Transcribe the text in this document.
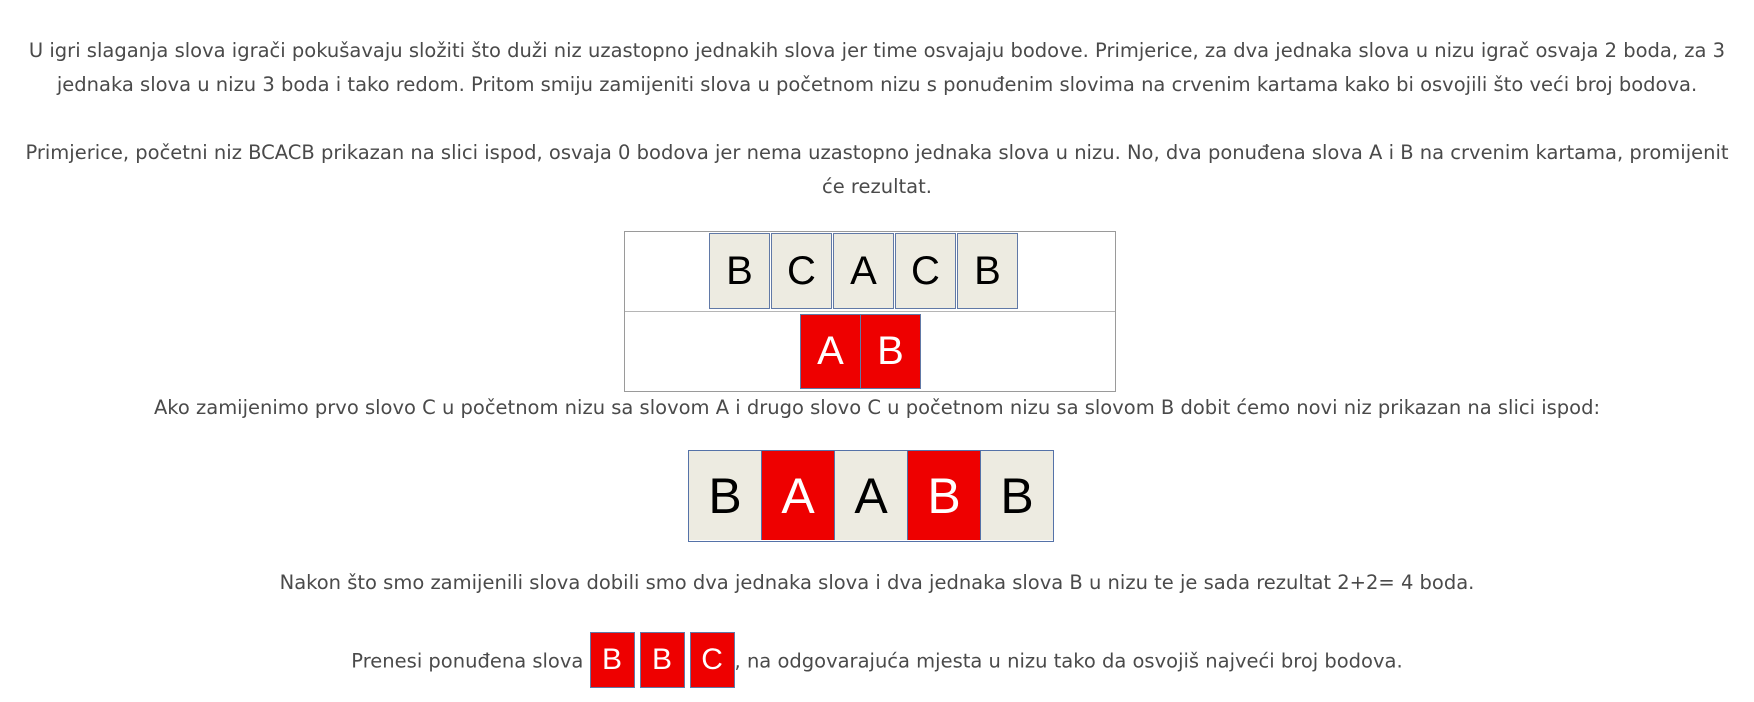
U igri slaganja slova igrači pokušavaju složiti što duži niz uzastopno jednakih slova jer time osvajaju bodove. Primjerice, za dva jednaka slova u nizu igrač osvaja 2 boda, za 3 jednaka slova u nizu 3 boda i tako redom. Pritom smiju zamijeniti slova u početnom nizu s ponuđenim slovima na crvenim kartama kako bi osvojili što veći broj bodova.
Primjerice, početni niz BCACB prikazan na slici ispod, osvaja 0 bodova jer nema uzastopno jednaka slova u nizu. No, dva ponuđena slova A i B na crvenim kartama, promijenit će rezultat.
B C A C B
A B
Ako zamijenimo prvo slovo C u početnom nizu sa slovom A i drugo slovo C u početnom nizu sa slovom B dobit ćemo novi niz prikazan na slici ispod:
B A A B B
Nakon što smo zamijenili slova dobili smo dva jednaka slova i dva jednaka slova B u nizu te je sada rezultat 2+2= 4 boda.
Prenesi ponuđena slova B B C , na odgovarajuća mjesta u nizu tako da osvojiš najveći broj bodova.
